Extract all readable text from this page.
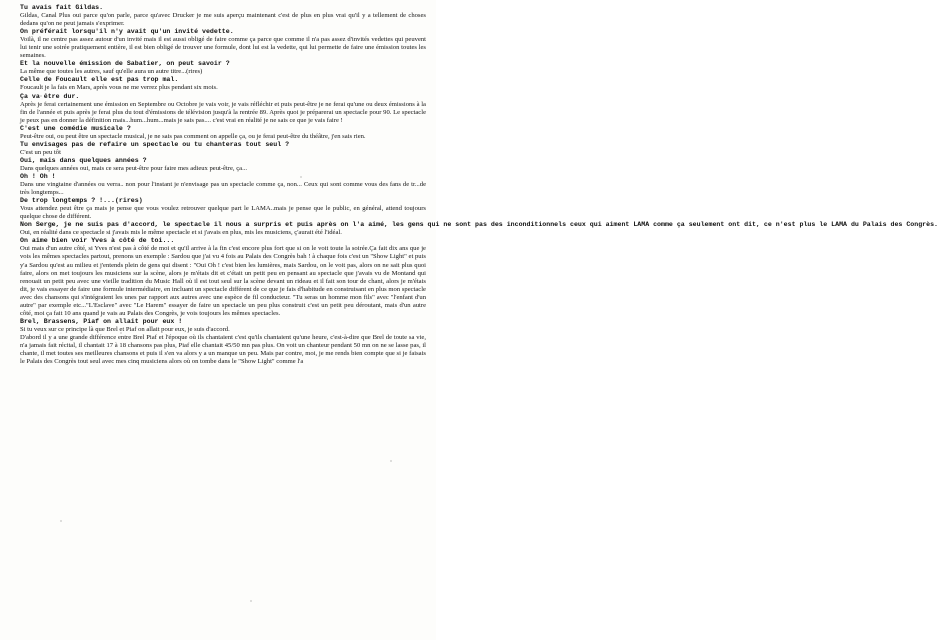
Tu avais fait Gildas.
Gildas, Canal Plus oui parce qu'on parle, parce qu'avec Drucker je me suis aperçu maintenant c'est de plus en plus vrai qu'il y a tellement de choses dedans qu'on ne peut jamais s'exprimer.
On préférait lorsqu'il n'y avait qu'un invité vedette.
Voilà, il ne centre pas assez autour d'un invité mais il est aussi obligé de faire comme ça parce que comme il n'a pas assez d'invités vedettes qui peuvent lui tenir une soirée pratiquement entière, il est bien obligé de trouver une formule, dont lui est la vedette, qui lui permette de faire une émission toutes les semaines.
Et la nouvelle émission de Sabatier, on peut savoir ?
La même que toutes les autres, sauf qu'elle aura un autre titre...(rires)
Celle de Foucault elle est pas trop mal.
Foucault je la fais en Mars, après vous ne me verrez plus pendant six mois.
Ça va être dur.
Après je ferai certainement une émission en Septembre ou Octobre je vais voir, je vais réfléchir et puis peut-être je ne ferai qu'une ou deux émissions à la fin de l'année et puis après je ferai plus du tout d'émissions de télévision jusqu'à la rentrée 89. Après quoi je préparerai un spectacle pour 90. Le spectacle je peux pas en donner la définition mais...hum...hum...mais je sais pas.... c'est vrai en réalité je ne sais ce que je vais faire !
C'est une comédie musicale ?
Peut-être oui, ou peut être un spectacle musical, je ne sais pas comment on appelle ça, ou je ferai peut-être du théâtre, j'en sais rien.
Tu envisages pas de refaire un spectacle ou tu chanteras tout seul ?
C'est un peu tôt
Oui, mais dans quelques années ?
Dans quelques années oui, mais ce sera peut-être pour faire mes adieux peut-être, ça...
Oh ! Oh !
Dans une vingtaine d'années ou verra.. non pour l'instant je n'envisage pas un spectacle comme ça, non... Ceux qui sont comme vous des fans de tr...de très longtemps...
De trop longtemps ? !...(rires)
Vous attendez peut être ça mais je pense que vous voulez retrouver quelque part le LAMA..mais je pense que le public, en général, attend toujours quelque chose de différent.
Non Serge, je ne suis pas d'accord, le spectacle il nous a surpris et puis après on l'a aimé, les gens qui ne sont pas des inconditionnels ceux qui aiment LAMA comme ça seulement ont dit, ce n'est plus le LAMA du Palais des Congrès.
Oui, en réalité dans ce spectacle si j'avais mis le même spectacle et si j'avais en plus, mis les musiciens, ç'aurait été l'idéal.
On aime bien voir Yves à côté de toi...
Oui mais d'un autre côté, si Yves n'est pas à côté de moi et qu'il arrive à la fin c'est encore plus fort que si on le voit toute la soirée.Ça fait dix ans que je vois les mêmes spectacles partout, prenons un exemple : Sardou que j'ai vu 4 fois au Palais des Congrès bah ! à chaque fois c'est un "Show Light" et puis y'a Sardou qu'est au milieu et j'entends plein de gens qui disent : "Oui Oh ! c'est bien les lumières, mais Sardou, on le voit pas, alors on ne sait plus quoi faire, alors on met toujours les musiciens sur la scène, alors je m'étais dit et c'était un petit peu en pensant au spectacle que j'avais vu de Montand qui renouait un petit peu avec une vieille tradition du Music Hall où il est tout seul sur la scène devant un rideau et il fait son tour de chant, alors je m'étais dit, je vais essayer de faire une formule intermédiaire, en incluant un spectacle différent de ce que je fais d'habitude en construisant en plus mon spectacle avec des chansons qui s'intégraient les unes par rapport aux autres avec une espèce de fil conducteur. "Tu seras un homme mon fils" avec "l'enfant d'un autre" par exemple etc..."L'Esclave" avec "Le Harem" essayer de faire un spectacle un peu plus construit c'est un petit peu déroutant, mais d'un autre côté, moi ça fait 10 ans quand je vais au Palais des Congrès, je vois toujours les mêmes spectacles.
Brel, Brassens, Piaf on allait pour eux !
Si tu veux sur ce principe là que Brel et Piaf on allait pour eux, je suis d'accord.
D'abord il y a une grande différence entre Brel Piaf et l'époque où ils chantaient c'est qu'ils chantaient qu'une heure, c'est-à-dire que Brel de toute sa vie, n'a jamais fait récital, il chantait 17 à 18 chansons pas plus, Piaf elle chantait 45/50 mn pas plus. On voit un chanteur pendant 50 mn on ne se lasse pas, il chante, il met toutes ses meilleures chansons et puis il s'en va alors y a un manque un peu. Mais par contre, moi, je me rends bien compte que si je faisais le Palais des Congrès tout seul avec mes cinq musiciens alors où on tombe dans le "Show Light" comme l'a
